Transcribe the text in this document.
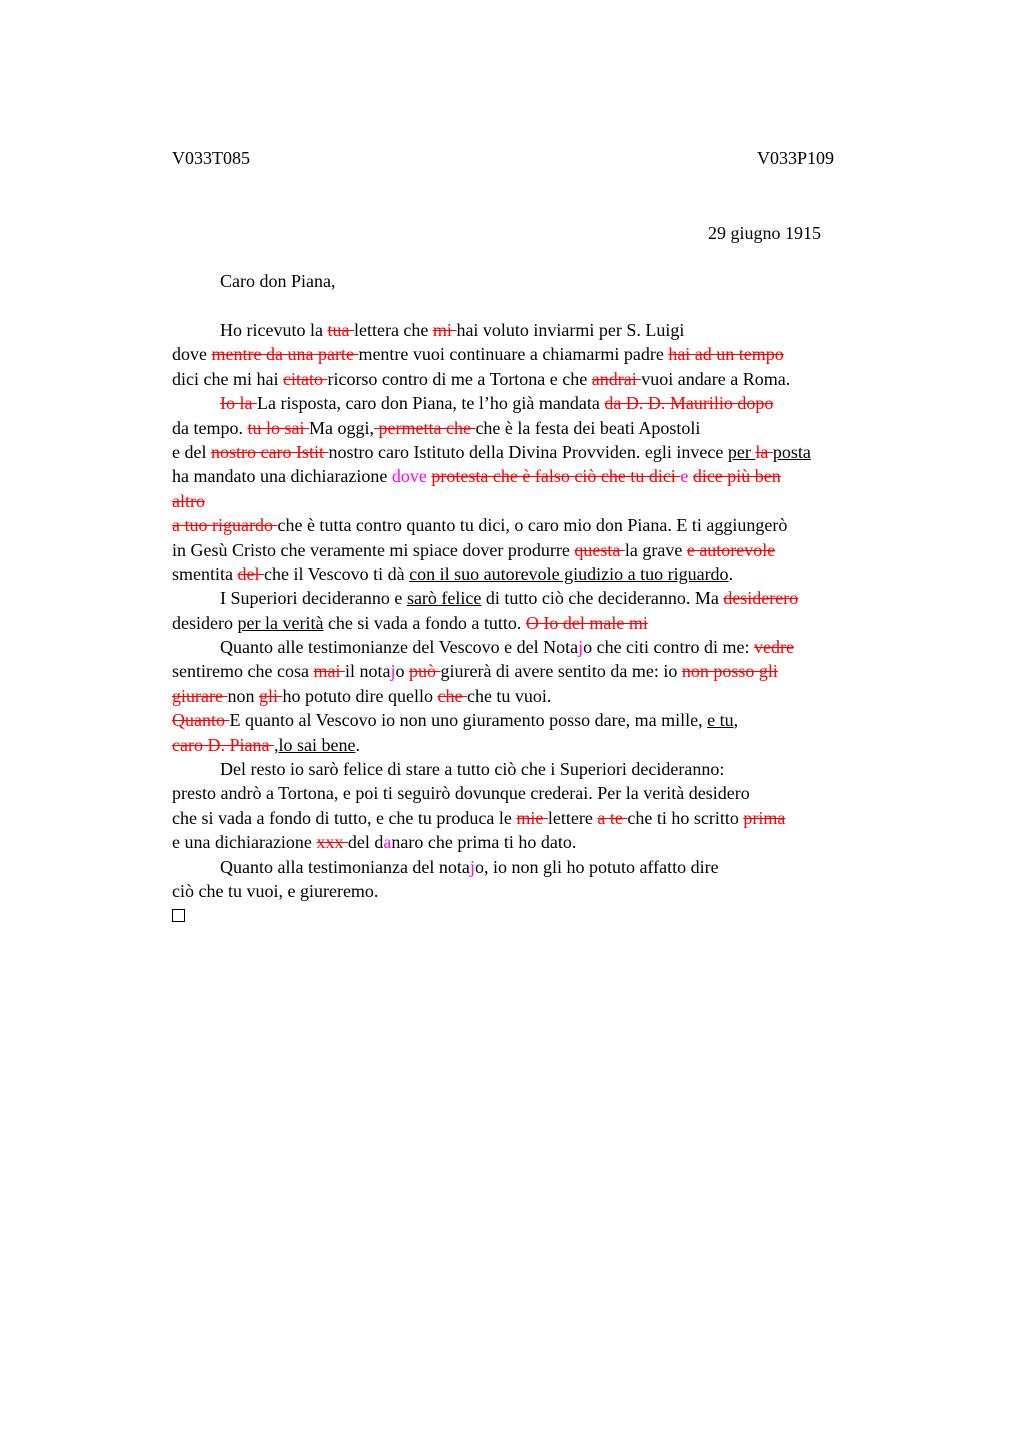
V033T085	V033P109
29 giugno 1915
Caro don Piana,
Ho ricevuto la tua lettera che mi hai voluto inviarmi per S. Luigi
dove mentre da una parte mentre vuoi continuare a chiamarmi padre hai ad un tempo
dici che mi hai citato ricorso contro di me a Tortona e che andrai vuoi andare a Roma.
Io la La risposta, caro don Piana, te l’ho già mandata da D. D. Maurilio dopo
da tempo. tu lo sai Ma oggi, permetta che che è la festa dei beati Apostoli
e del nostro caro Istit nostro caro Istituto della Divina Provviden. egli invece per la posta
ha mandato una dichiarazione dove protesta che è falso ciò che tu dici e dice più ben
altro
a tuo riguardo che è tutta contro quanto tu dici, o caro mio don Piana. E ti aggiungerò
in Gesù Cristo che veramente mi spiace dover produrre questa la grave e autorevole
smentita del che il Vescovo ti dà con il suo autorevole giudizio a tuo riguardo.
I Superiori decideranno e sarò felice di tutto ciò che decideranno. Ma desiderero
desidero per la verità che si vada a fondo a tutto. O Io del male mi
Quanto alle testimonianze del Vescovo e del Notajo che citi contro di me: vedre
sentiremo che cosa mai il notajo può giurerà di avere sentito da me: io non posso gli
giurare non gli ho potuto dire quello che che tu vuoi.
Quanto E quanto al Vescovo io non uno giuramento posso dare, ma mille, e tu,
caro D. Piana ,lo sai bene.
Del resto io sarò felice di stare a tutto ciò che i Superiori decideranno:
presto andrò a Tortona, e poi ti seguirò dovunque crederai. Per la verità desidero
che si vada a fondo di tutto, e che tu produca le mie lettere a te che ti ho scritto prima
e una dichiarazione xxx del danaro che prima ti ho dato.
Quanto alla testimonianza del notajo, io non gli ho potuto affatto dire
ciò che tu vuoi, e giureremo.
